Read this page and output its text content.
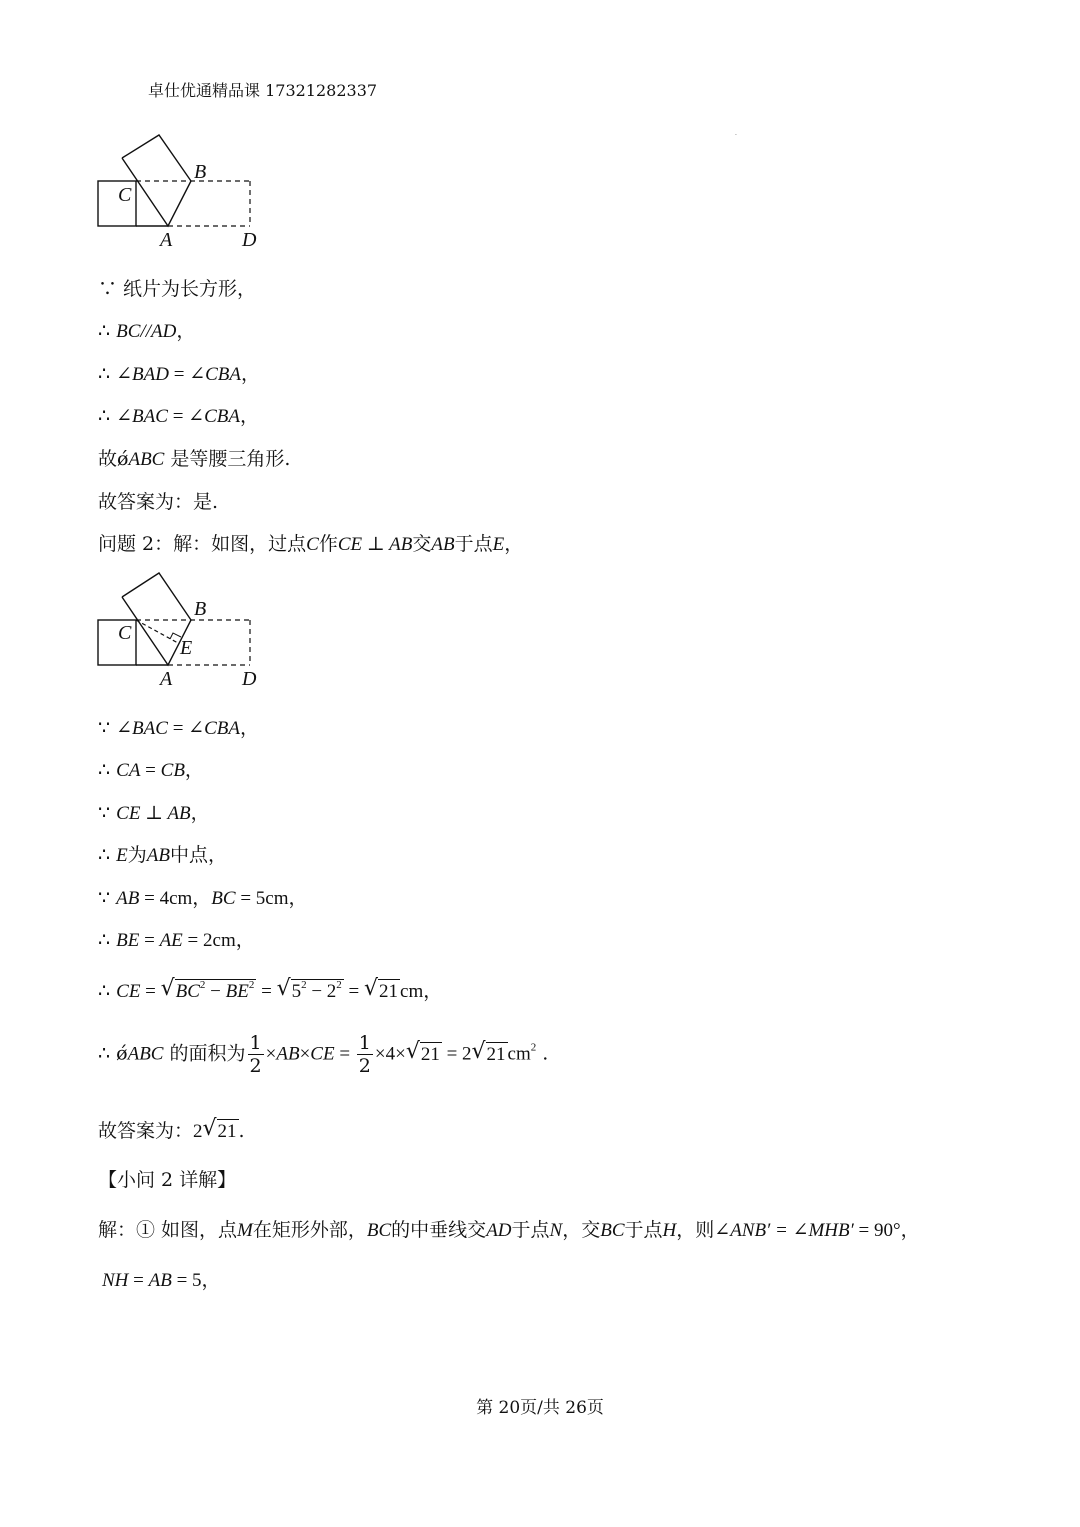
卓仕优通精品课 17321282337
.
B
C
A	D
∵ 纸片为长方形，
∴ BC//AD，
∴ ∠BAD = ∠CBA，
∴ ∠BAC = ∠CBA，
故ǿABC 是等腰三角形.
故答案为：是.
问题 2：解：如图，过点C作CE ⊥ AB交AB于点E，
B
C
E
A	D
∵ ∠BAC = ∠CBA，
∴ CA = CB，
∵ CE ⊥ AB，
∴ E为AB中点，
∵ AB = 4cm，BC = 5cm，
∴ BE = AE = 2cm，
∴ CE = √ $BC^2 - BE^2$ = √ $5^2 - 2^2$ = √ 21 cm，
∴ ǿABC 的面积为 $\frac{1}{2} \times AB\times CE = \frac{1}{2} \times 4\times$ √ 21 = 2 √ 21 $cm^2$ .
故答案为：2 √ 21 .
【小问 2 详解】
解：① 如图，点M在矩形外部，BC的中垂线交AD于点N，交BC于点H，则∠ANB′ = ∠MHB′ = 90°，
NH = AB = 5，
第 20页/共 26页
